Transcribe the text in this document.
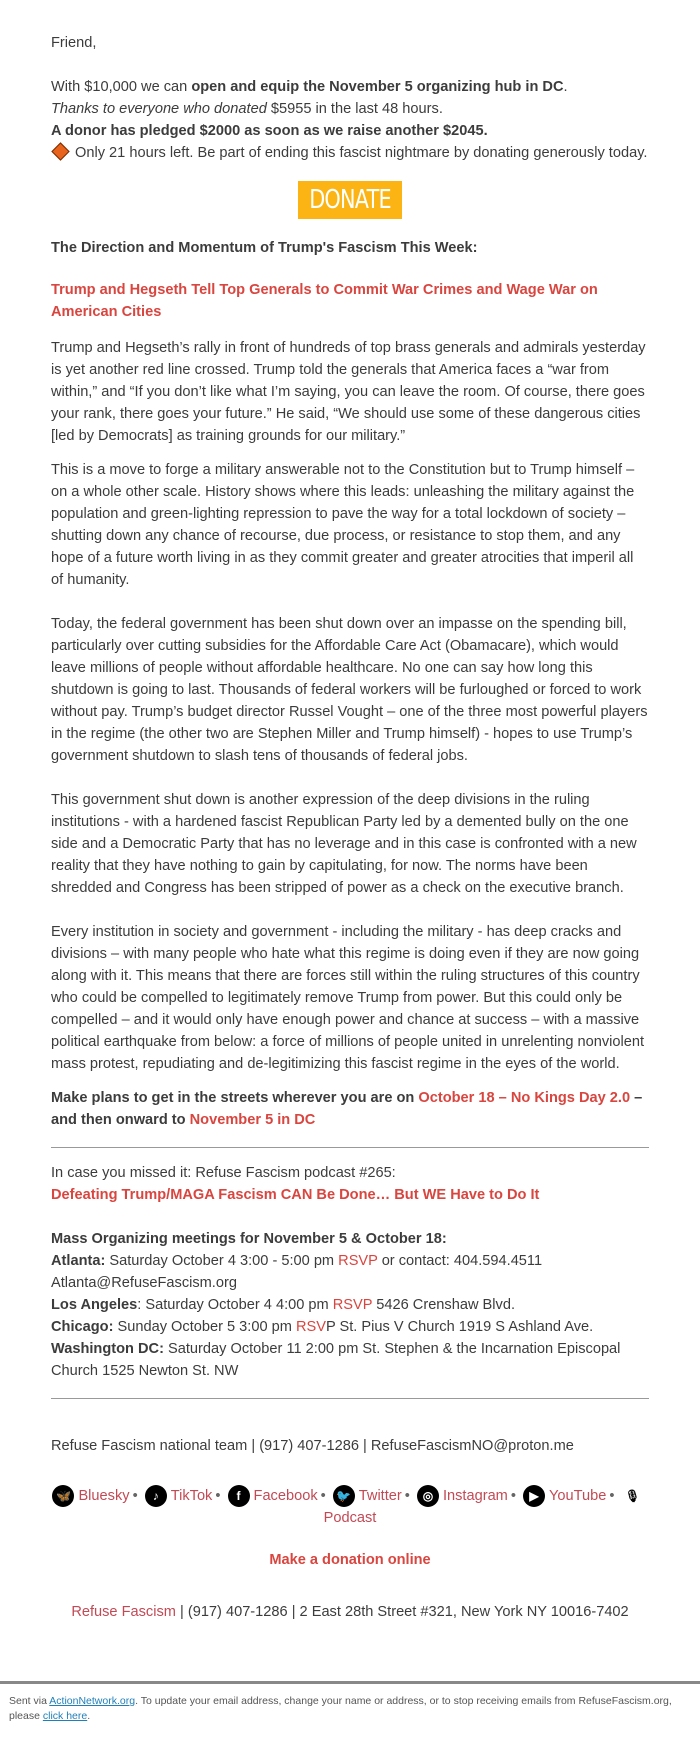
Friend,

With $10,000 we can open and equip the November 5 organizing hub in DC.

Thanks to everyone who donated $5955 in the last 48 hours.

A donor has pledged $2000 as soon as we raise another $2045.

Only 21 hours left. Be part of ending this fascist nightmare by donating generously today.

DONATE
The Direction and Momentum of Trump's Fascism This Week:
Trump and Hegseth Tell Top Generals to Commit War Crimes and Wage War on American Cities

Trump and Hegseth’s rally in front of hundreds of top brass generals and admirals yesterday is yet another red line crossed. Trump told the generals that America faces a “war from within,” and “If you don’t like what I’m saying, you can leave the room. Of course, there goes your rank, there goes your future.” He said, “We should use some of these dangerous cities [led by Democrats] as training grounds for our military.”

This is a move to forge a military answerable not to the Constitution but to Trump himself – on a whole other scale. History shows where this leads: unleashing the military against the population and green-lighting repression to pave the way for a total lockdown of society – shutting down any chance of recourse, due process, or resistance to stop them, and any hope of a future worth living in as they commit greater and greater atrocities that imperil all of humanity.

Today, the federal government has been shut down over an impasse on the spending bill, particularly over cutting subsidies for the Affordable Care Act (Obamacare), which would leave millions of people without affordable healthcare. No one can say how long this shutdown is going to last. Thousands of federal workers will be furloughed or forced to work without pay. Trump’s budget director Russel Vought – one of the three most powerful players in the regime (the other two are Stephen Miller and Trump himself) - hopes to use Trump’s government shutdown to slash tens of thousands of federal jobs.

This government shut down is another expression of the deep divisions in the ruling institutions - with a hardened fascist Republican Party led by a demented bully on the one side and a Democratic Party that has no leverage and in this case is confronted with a new reality that they have nothing to gain by capitulating, for now. The norms have been shredded and Congress has been stripped of power as a check on the executive branch.

Every institution in society and government - including the military - has deep cracks and divisions – with many people who hate what this regime is doing even if they are now going along with it. This means that there are forces still within the ruling structures of this country who could be compelled to legitimately remove Trump from power. But this could only be compelled – and it would only have enough power and chance at success – with a massive political earthquake from below: a force of millions of people united in unrelenting nonviolent mass protest, repudiating and de-legitimizing this fascist regime in the eyes of the world.

Make plans to get in the streets wherever you are on October 18 – No Kings Day 2.0 – and then onward to November 5 in DC

In case you missed it: Refuse Fascism podcast #265:

Defeating Trump/MAGA Fascism CAN Be Done… But WE Have to Do It

Mass Organizing meetings for November 5 & October 18:

Atlanta: Saturday October 4 3:00 - 5:00 pm RSVP or contact: 404.594.4511 Atlanta@RefuseFascism.org

Los Angeles: Saturday October 4 4:00 pm RSVP 5426 Crenshaw Blvd.

Chicago: Sunday October 5 3:00 pm RSVP St. Pius V Church 1919 S Ashland Ave.

Washington DC: Saturday October 11 2:00 pm St. Stephen & the Incarnation Episcopal Church 1525 Newton St. NW

Refuse Fascism national team | (917) 407-1286 | RefuseFascismNO@proton.me

🦋 Bluesky • ♪ TikTok • f Facebook • 🐦 Twitter • ◎ Instagram • ▶ YouTube • 🎙Podcast

Make a donation online

Refuse Fascism | (917) 407-1286 | 2 East 28th Street #321, New York NY 10016-7402

Sent via ActionNetwork.org. To update your email address, change your name or address, or to stop receiving emails from RefuseFascism.org, please click here.
